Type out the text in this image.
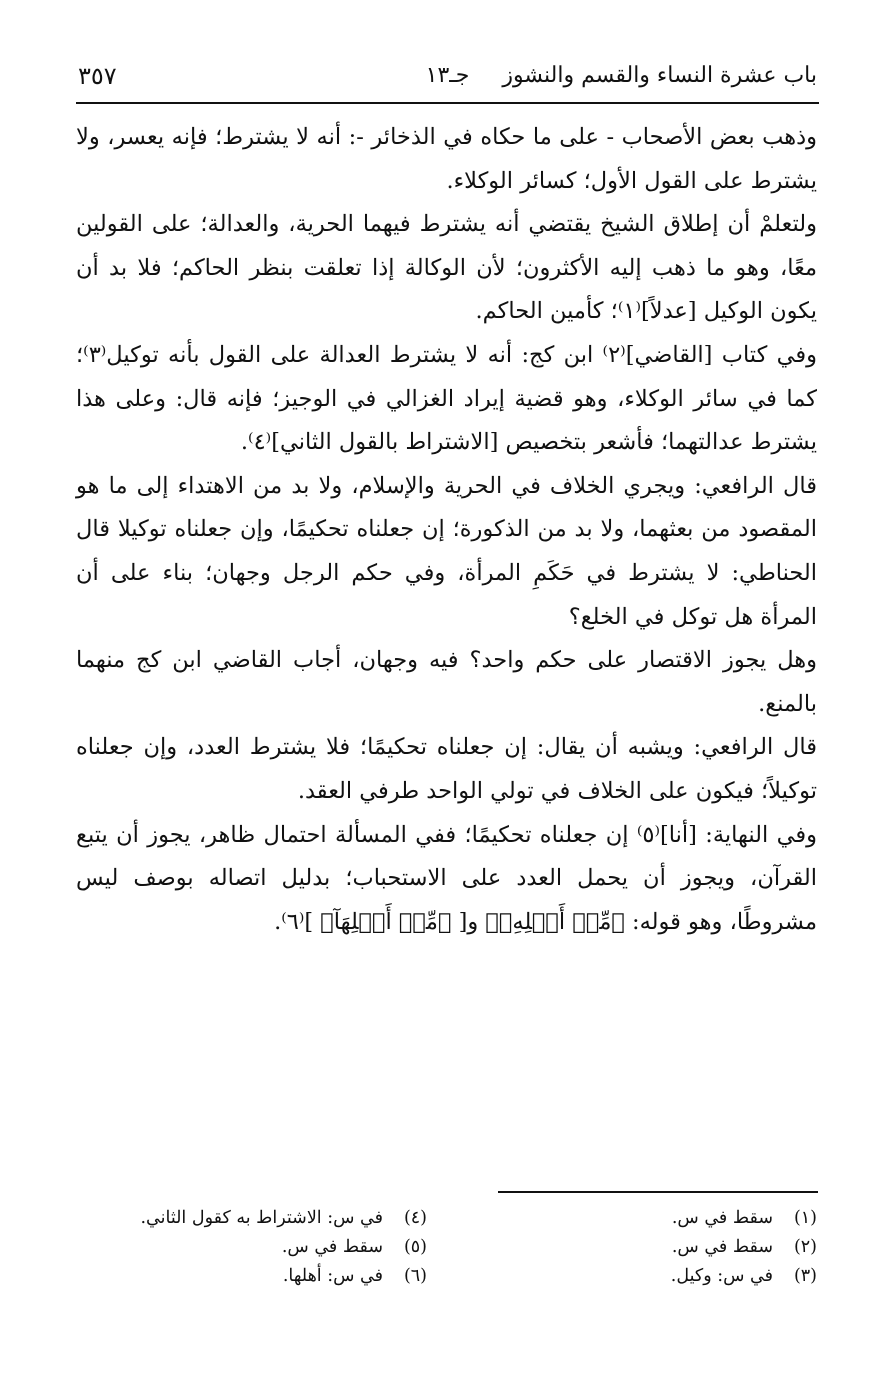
باب عشرة النساء والقسم والنشوز
جـ١٣
٣٥٧

وذهب بعض الأصحاب - على ما حكاه في الذخائر -: أنه لا يشترط؛ فإنه يعسر، ولا يشترط على القول الأول؛ كسائر الوكلاء.

ولتعلمْ أن إطلاق الشيخ يقتضي أنه يشترط فيهما الحرية، والعدالة؛ على القولين معًا، وهو ما ذهب إليه الأكثرون؛ لأن الوكالة إذا تعلقت بنظر الحاكم؛ فلا بد أن يكون الوكيل [عدلاً]⁽١⁾؛ كأمين الحاكم.

وفي كتاب [القاضي]⁽٢⁾ ابن كج: أنه لا يشترط العدالة على القول بأنه توكيل⁽٣⁾؛ كما في سائر الوكلاء، وهو قضية إيراد الغزالي في الوجيز؛ فإنه قال: وعلى هذا يشترط عدالتهما؛ فأشعر بتخصيص [الاشتراط بالقول الثاني]⁽٤⁾.

قال الرافعي: ويجري الخلاف في الحرية والإسلام، ولا بد من الاهتداء إلى ما هو المقصود من بعثهما، ولا بد من الذكورة؛ إن جعلناه تحكيمًا، وإن جعلناه توكيلا قال الحناطي: لا يشترط في حَكَمِ المرأة، وفي حكم الرجل وجهان؛ بناء على أن المرأة هل توكل في الخلع؟

وهل يجوز الاقتصار على حكم واحد؟ فيه وجهان، أجاب القاضي ابن كج منهما بالمنع.

قال الرافعي: ويشبه أن يقال: إن جعلناه تحكيمًا؛ فلا يشترط العدد، وإن جعلناه توكيلاً؛ فيكون على الخلاف في تولي الواحد طرفي العقد.

وفي النهاية: [أنا]⁽٥⁾ إن جعلناه تحكيمًا؛ ففي المسألة احتمال ظاهر، يجوز أن يتبع القرآن، ويجوز أن يحمل العدد على الاستحباب؛ بدليل اتصاله بوصف ليس مشروطًا، وهو قوله: ﴿مِّنۡ أَهۡلِهِۦ﴾ و[ ﴿مِّنۡ أَهۡلِهَآ﴾ ]⁽٦⁾.

(١)سقط في س.
(٢)سقط في س.
(٣)في س: وكيل.
(٤)في س: الاشتراط به كقول الثاني.
(٥)سقط في س.
(٦)في س: أهلها.
